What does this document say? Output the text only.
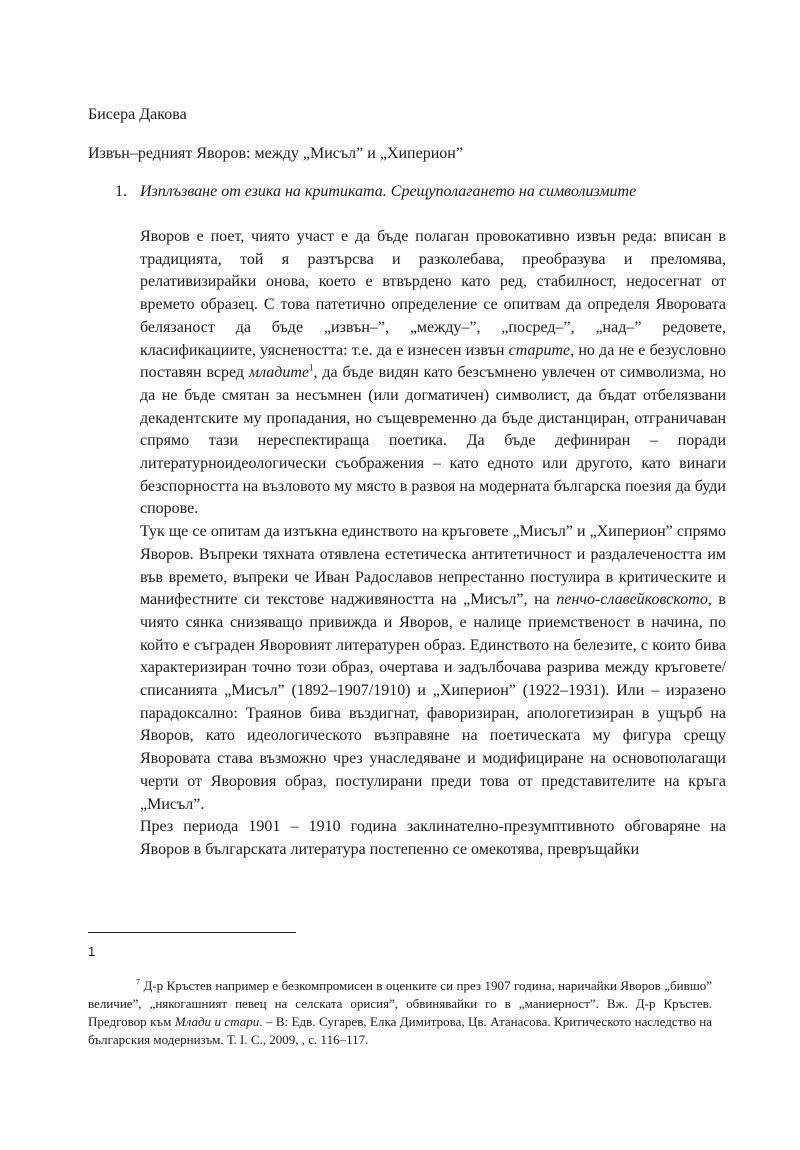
Бисера Дакова
Извън–редният Яворов: между „Мисъл” и „Хиперион”
1. Изплъзване от езика на критиката. Срещуполагането на символизмите

Яворов е поет, чиято участ е да бъде полаган провокативно извън реда: вписан в традицията, той я разтърсва и разколебава, преобразува и преломява, релативизирайки онова, което е втвърдено като ред, стабилност, недосегнат от времето образец. С това патетично определение се опитвам да определя Яворовата белязаност да бъде „извън–”, „между–”, „посред–”, „над–” редовете, класификациите, уяснеността: т.е. да е изнесен извън старите, но да не е безусловно поставян всред младите$^1$, да бъде видян като безсъмнено увлечен от символизма, но да не бъде смятан за несъмнен (или догматичен) символист, да бъдат отбелязвани декадентските му пропадания, но същевременно да бъде дистанциран, отграничаван спрямо тази нереспектираща поетика. Да бъде дефиниран – поради литературноидеологически съображения – като едното или другото, като винаги безспорността на възловото му място в развоя на модерната българска поезия да буди спорове.

Тук ще се опитам да изтъкна единството на кръговете „Мисъл” и „Хиперион” спрямо Яворов. Въпреки тяхната отявлена естетическа антитетичност и раздалечеността им във времето, въпреки че Иван Радославов непрестанно постулира в критическите и манифестните си текстове надживяността на „Мисъл”, на пенчо-славейковското, в чиято сянка снизяващо привижда и Яворов, е налице приемственост в начина, по който е съграден Яворовият литературен образ. Единството на белезите, с които бива характеризиран точно този образ, очертава и задълбочава разрива между кръговете/списанията „Мисъл” (1892–1907/1910) и „Хиперион” (1922–1931). Или – изразено парадоксално: Траянов бива въздигнат, фаворизиран, апологетизиран в ущърб на Яворов, като идеологическото възправяне на поетическата му фигура срещу Яворовата става възможно чрез унаследяване и модифициране на основополагащи черти от Яворовия образ, постулирани преди това от представителите на кръга „Мисъл”.

През периода 1901 – 1910 година заклинателно-презумптивното обговаряне на Яворов в българската литература постепенно се омекотява, превръщайки

1
$^7$ Д-р Кръстев например е безкомпромисен в оценките си през 1907 година, наричайки Яворов „бившо” величие”, „някогашният певец на селската орисия”, обвинявайки го в „маниерност”. Вж. Д-р Кръстев. Предговор към Млади и стари. – В: Едв. Сугарев, Елка Димитрова, Цв. Атанасова. Критическото наследство на българския модернизъм. Т. I. С., 2009, , с. 116–117.
